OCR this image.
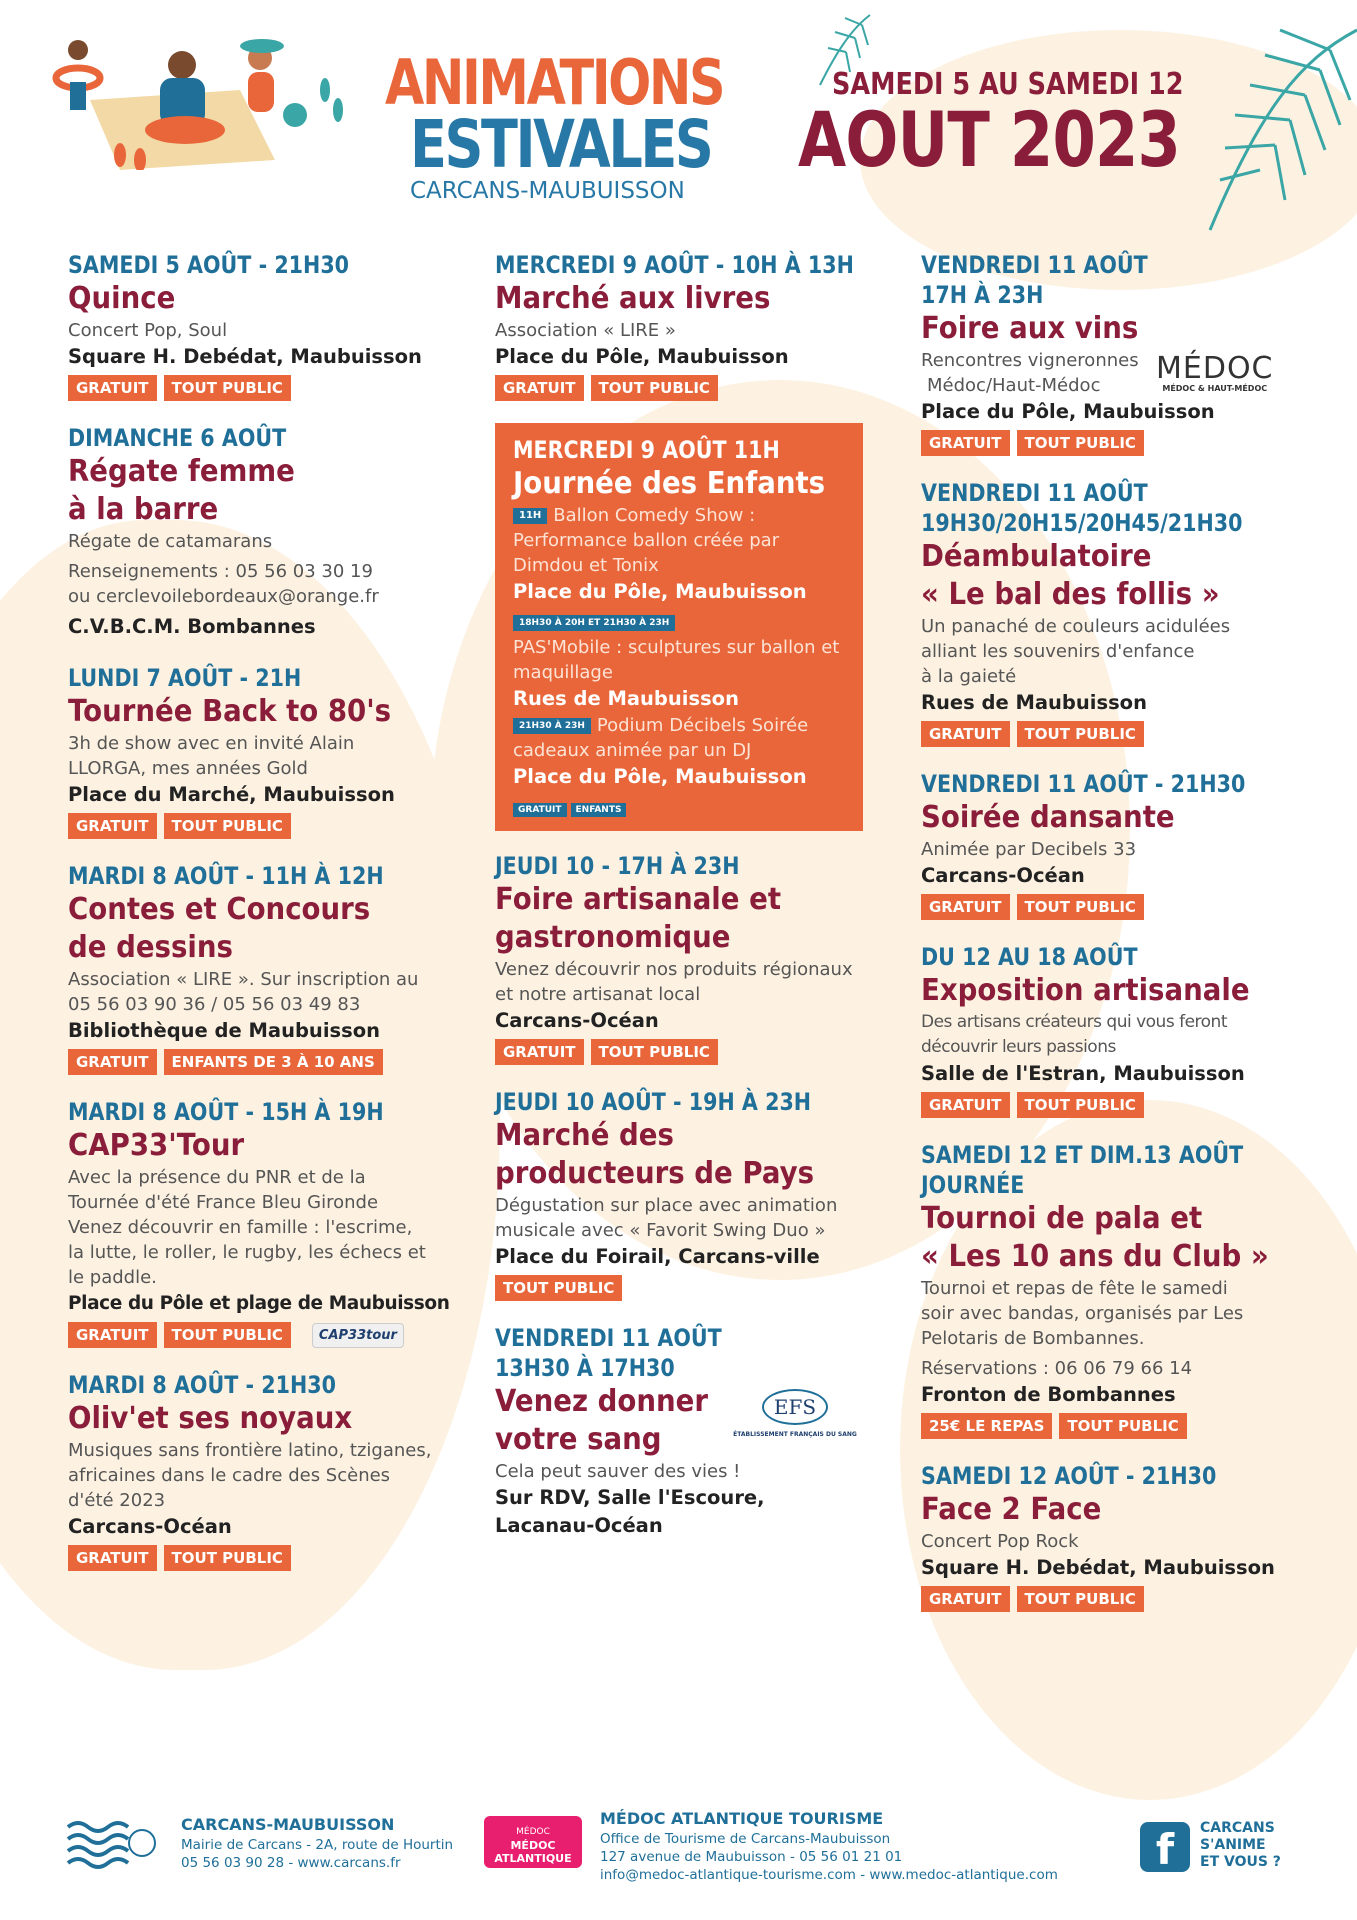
ANIMATIONS
ESTIVALES
CARCANS-MAUBUISSON
SAMEDI 5 AU SAMEDI 12
AOUT 2023
SAMEDI 5 AOÛT - 21H30
Quince
Concert Pop, Soul
Square H. Debédat, Maubuisson
GRATUIT	TOUT PUBLIC
DIMANCHE 6 AOÛT
Régate femme
à la barre
Régate de catamarans
Renseignements : 05 56 03 30 19
ou cerclevoilebordeaux@orange.fr
C.V.B.C.M. Bombannes
LUNDI 7 AOÛT - 21H
Tournée Back to 80's
3h de show avec en invité Alain
LLORGA, mes années Gold
Place du Marché, Maubuisson
GRATUIT	TOUT PUBLIC
MARDI 8 AOÛT - 11H À 12H
Contes et Concours
de dessins
Association « LIRE ». Sur inscription au
05 56 03 90 36 / 05 56 03 49 83
Bibliothèque de Maubuisson
GRATUIT	ENFANTS DE 3 À 10 ANS
MARDI 8 AOÛT - 15H À 19H
CAP33'Tour
Avec la présence du PNR et de la
Tournée d'été France Bleu Gironde
Venez découvrir en famille : l'escrime,
la lutte, le roller, le rugby, les échecs et
le paddle.
Place du Pôle et plage de Maubuisson
GRATUIT	TOUT PUBLIC	CAP33tour
MARDI 8 AOÛT - 21H30
Oliv'et ses noyaux
Musiques sans frontière latino, tziganes,
africaines dans le cadre des Scènes
d'été 2023
Carcans-Océan
GRATUIT	TOUT PUBLIC
MERCREDI 9 AOÛT - 10H À 13H
Marché aux livres
Association « LIRE »
Place du Pôle, Maubuisson
GRATUIT	TOUT PUBLIC
MERCREDI 9 AOÛT 11H
Journée des Enfants
11H Ballon Comedy Show :
Performance ballon créée par
Dimdou et Tonix
Place du Pôle, Maubuisson
18H30 À 20H ET 21H30 À 23H
PAS'Mobile : sculptures sur ballon et
maquillage
Rues de Maubuisson
21H30 À 23H Podium Décibels Soirée
cadeaux animée par un DJ
Place du Pôle, Maubuisson
GRATUIT ENFANTS
JEUDI 10 - 17H À 23H
Foire artisanale et
gastronomique
Venez découvrir nos produits régionaux
et notre artisanat local
Carcans-Océan
GRATUIT	TOUT PUBLIC
JEUDI 10 AOÛT - 19H À 23H
Marché des
producteurs de Pays
Dégustation sur place avec animation
musicale avec « Favorit Swing Duo »
Place du Foirail, Carcans-ville
TOUT PUBLIC
VENDREDI 11 AOÛT
13H30 À 17H30
Venez donner
votre sang
Cela peut sauver des vies !
Sur RDV, Salle l'Escoure,
Lacanau-Océan
EFS
ÉTABLISSEMENT FRANÇAIS DU SANG
VENDREDI 11 AOÛT
17H À 23H
Foire aux vins
Rencontres vigneronnes
Médoc/Haut-Médoc
Place du Pôle, Maubuisson
GRATUIT	TOUT PUBLIC
MÉDOC
MÉDOC & HAUT-MÉDOC
VENDREDI 11 AOÛT
19H30/20H15/20H45/21H30
Déambulatoire
« Le bal des follis »
Un panaché de couleurs acidulées
alliant les souvenirs d'enfance
à la gaieté
Rues de Maubuisson
GRATUIT	TOUT PUBLIC
VENDREDI 11 AOÛT - 21H30
Soirée dansante
Animée par Decibels 33
Carcans-Océan
GRATUIT	TOUT PUBLIC
DU 12 AU 18 AOÛT
Exposition artisanale
Des artisans créateurs qui vous feront
découvrir leurs passions
Salle de l'Estran, Maubuisson
GRATUIT	TOUT PUBLIC
SAMEDI 12 ET DIM.13 AOÛT
JOURNÉE
Tournoi de pala et
« Les 10 ans du Club »
Tournoi et repas de fête le samedi
soir avec bandas, organisés par Les
Pelotaris de Bombannes.
Réservations : 06 06 79 66 14
Fronton de Bombannes
25€ LE REPAS	TOUT PUBLIC
SAMEDI 12 AOÛT - 21H30
Face 2 Face
Concert Pop Rock
Square H. Debédat, Maubuisson
GRATUIT	TOUT PUBLIC
CARCANS-MAUBUISSON
Mairie de Carcans - 2A, route de Hourtin
05 56 03 90 28 - www.carcans.fr
MÉDOC
MÉDOC ATLANTIQUE
TOURISME
MÉDOC ATLANTIQUE TOURISME
Office de Tourisme de Carcans-Maubuisson
127 avenue de Maubuisson - 05 56 01 21 01
info@medoc-atlantique-tourisme.com - www.medoc-atlantique.com
f	CARCANS
S'ANIME
ET VOUS ?
